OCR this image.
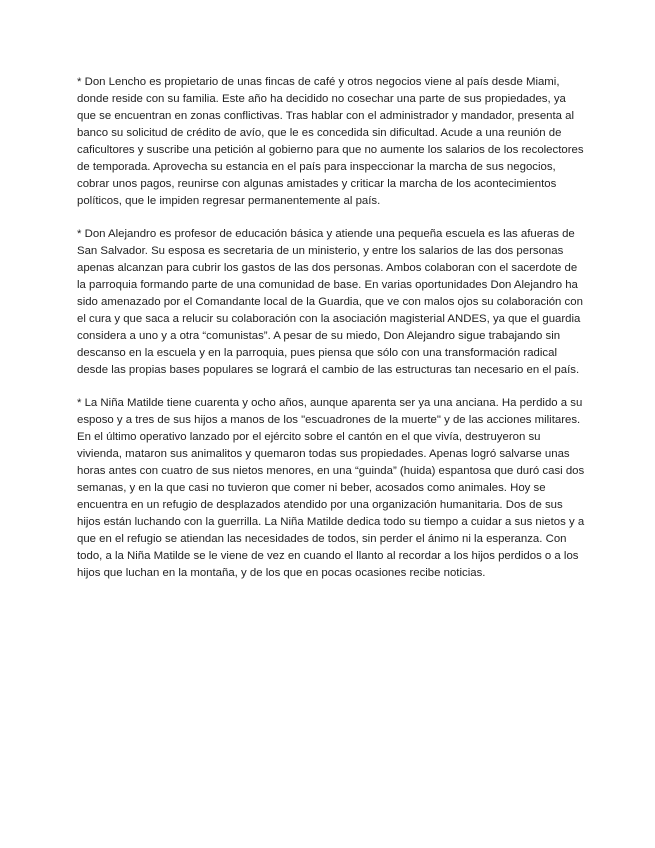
* Don Lencho es propietario de unas fincas de café y otros negocios viene al país desde Miami, donde reside con su familia. Este año ha decidido no cosechar una parte de sus propiedades, ya que se encuentran en zonas conflictivas. Tras hablar con el administrador y mandador, presenta al banco su solicitud de crédito de avío, que le es concedida sin dificultad. Acude a una reunión de caficultores y suscribe una petición al gobierno para que no aumente los salarios de los recolectores de temporada. Aprovecha su estancia en el país para inspeccionar la marcha de sus negocios, cobrar unos pagos, reunirse con algunas amistades y criticar la marcha de los acontecimientos políticos, que le impiden regresar permanentemente al país.

* Don Alejandro es profesor de educación básica y atiende una pequeña escuela es las afueras de San Salvador. Su esposa es secretaria de un ministerio, y entre los salarios de las dos personas apenas alcanzan para cubrir los gastos de las dos personas. Ambos colaboran con el sacerdote de la parroquia formando parte de una comunidad de base. En varias oportunidades Don Alejandro ha sido amenazado por el Comandante local de la Guardia, que ve con malos ojos su colaboración con el cura y que saca a relucir su colaboración con la asociación magisterial ANDES, ya que el guardia considera a uno y a otra “comunistas”. A pesar de su miedo, Don Alejandro sigue trabajando sin descanso en la escuela y en la parroquia, pues piensa que sólo con una transformación radical desde las propias bases populares se logrará el cambio de las estructuras tan necesario en el país.

* La Niña Matilde tiene cuarenta y ocho años, aunque aparenta ser ya una anciana. Ha perdido a su esposo y a tres de sus hijos a manos de los "escuadrones de la muerte" y de las acciones militares. En el último operativo lanzado por el ejército sobre el cantón en el que vivía, destruyeron su vivienda, mataron sus animalitos y quemaron todas sus propiedades. Apenas logró salvarse unas horas antes con cuatro de sus nietos menores, en una “guinda” (huida) espantosa que duró casi dos semanas, y en la que casi no tuvieron que comer ni beber, acosados como animales. Hoy se encuentra en un refugio de desplazados atendido por una organización humanitaria. Dos de sus hijos están luchando con la guerrilla. La Niña Matilde dedica todo su tiempo a cuidar a sus nietos y a que en el refugio se atiendan las necesidades de todos, sin perder el ánimo ni la esperanza. Con todo, a la Niña Matilde se le viene de vez en cuando el llanto al recordar a los hijos perdidos o a los hijos que luchan en la montaña, y de los que en pocas ocasiones recibe noticias.
